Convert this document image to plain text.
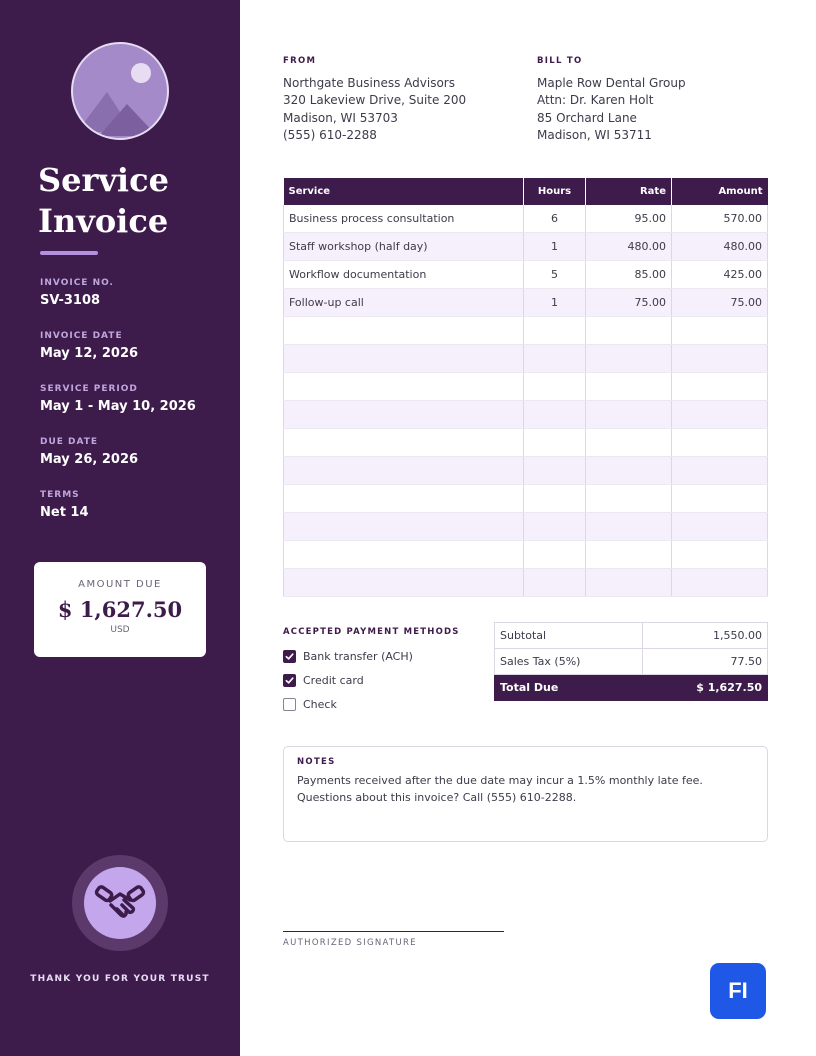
Service
Invoice
INVOICE NO.
SV-3108
INVOICE DATE
May 12, 2026
SERVICE PERIOD
May 1 - May 10, 2026
DUE DATE
May 26, 2026
TERMS
Net 14
AMOUNT DUE
$ 1,627.50
USD
THANK YOU FOR YOUR TRUST
FROM
Northgate Business Advisors
320 Lakeview Drive, Suite 200
Madison, WI 53703
(555) 610-2288
BILL TO
Maple Row Dental Group
Attn: Dr. Karen Holt
85 Orchard Lane
Madison, WI 53711
Service	Hours	Rate	Amount
Business process consultation	6	95.00	570.00
Staff workshop (half day)	1	480.00	480.00
Workflow documentation	5	85.00	425.00
Follow-up call	1	75.00	75.00

ACCEPTED PAYMENT METHODS
Bank transfer (ACH)
Credit card
Check
Subtotal	1,550.00
Sales Tax (5%)	77.50
Total Due	$ 1,627.50
NOTES
Payments received after the due date may incur a 1.5% monthly late fee.
Questions about this invoice? Call (555) 610-2288.
AUTHORIZED SIGNATURE
FI
